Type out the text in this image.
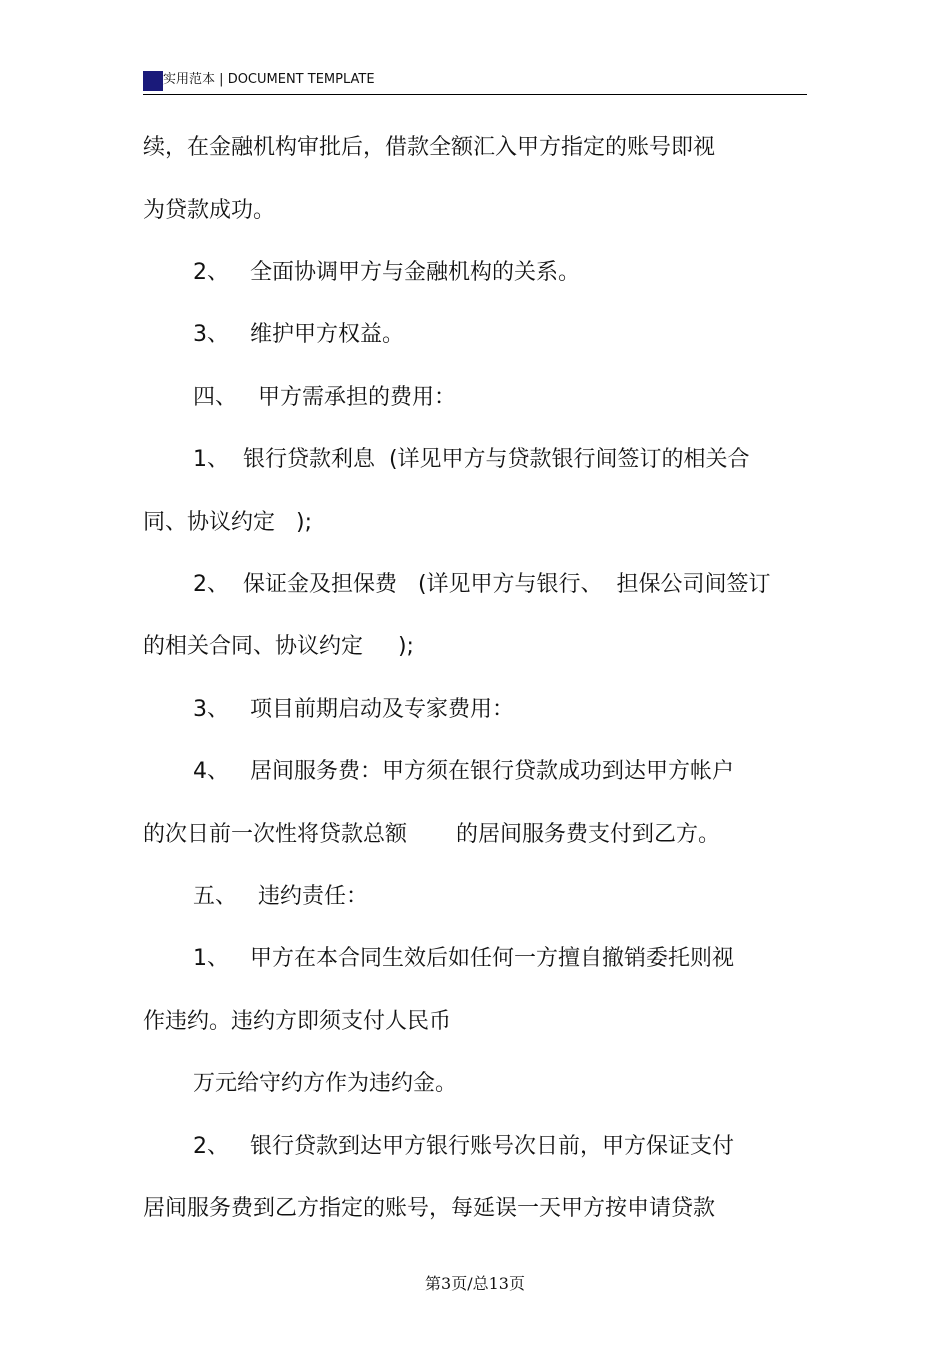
实用范本 | DOCUMENT TEMPLATE
续，在金融机构审批后，借款全额汇入甲方指定的账号即视
为贷款成功。
2、   全面协调甲方与金融机构的关系。
3、   维护甲方权益。
四、   甲方需承担的费用：
1、  银行贷款利息  (详见甲方与贷款银行间签订的相关合
同、协议约定   );
2、  保证金及担保费   (详见甲方与银行、  担保公司间签订
的相关合同、协议约定     );
3、   项目前期启动及专家费用：
4、   居间服务费：甲方须在银行贷款成功到达甲方帐户
的次日前一次性将贷款总额       的居间服务费支付到乙方。
五、   违约责任：
1、   甲方在本合同生效后如任何一方擅自撤销委托则视
作违约。违约方即须支付人民币
万元给守约方作为违约金。
2、   银行贷款到达甲方银行账号次日前，甲方保证支付
居间服务费到乙方指定的账号，每延误一天甲方按申请贷款
第3页/总13页
